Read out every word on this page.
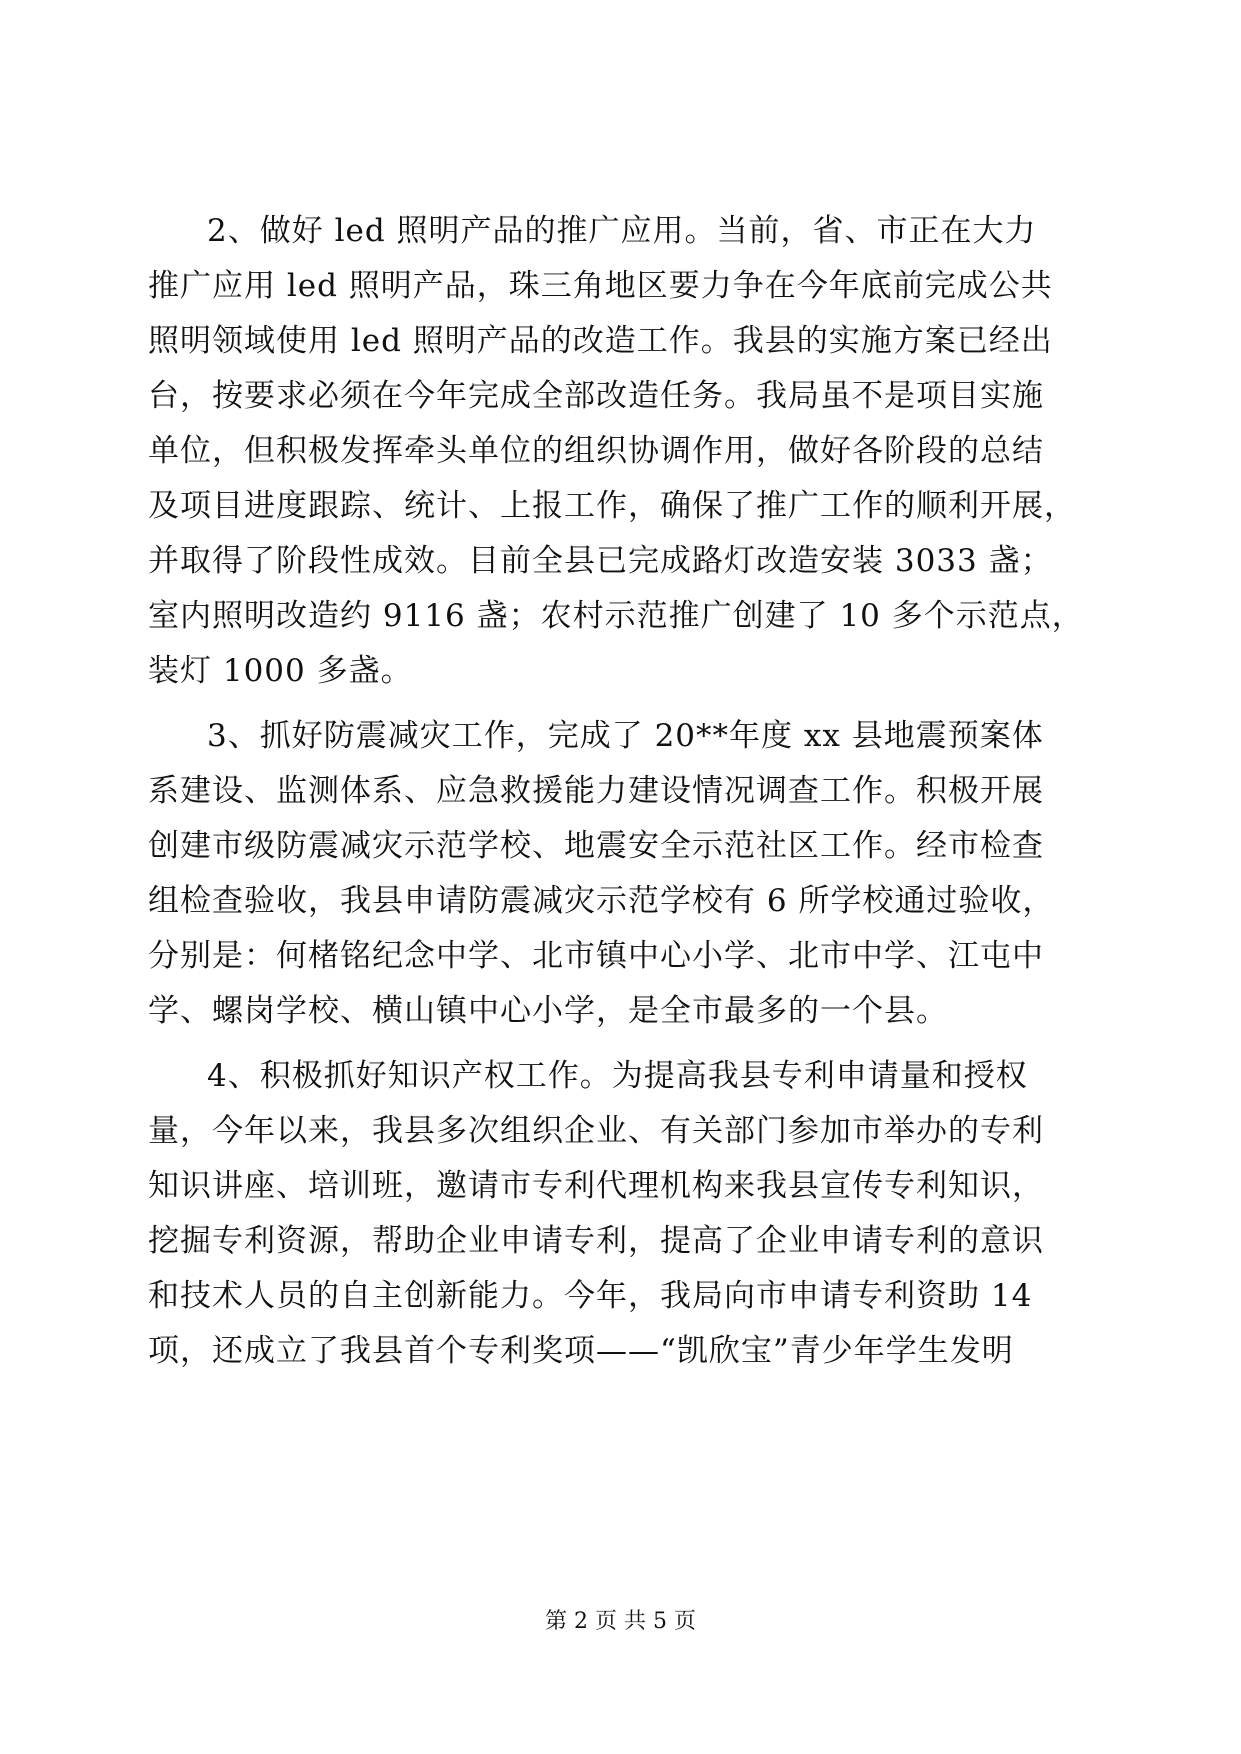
2、做好 led 照明产品的推广应用。当前，省、市正在大力
推广应用 led 照明产品，珠三角地区要力争在今年底前完成公共
照明领域使用 led 照明产品的改造工作。我县的实施方案已经出
台，按要求必须在今年完成全部改造任务。我局虽不是项目实施
单位，但积极发挥牵头单位的组织协调作用，做好各阶段的总结
及项目进度跟踪、统计、上报工作，确保了推广工作的顺利开展，
并取得了阶段性成效。目前全县已完成路灯改造安装 3033 盏；
室内照明改造约 9116 盏；农村示范推广创建了 10 多个示范点，
装灯 1000 多盏。
3、抓好防震减灾工作，完成了 20**年度 xx 县地震预案体
系建设、监测体系、应急救援能力建设情况调查工作。积极开展
创建市级防震减灾示范学校、地震安全示范社区工作。经市检查
组检查验收，我县申请防震减灾示范学校有 6 所学校通过验收，
分别是：何楮铭纪念中学、北市镇中心小学、北市中学、江屯中
学、螺岗学校、横山镇中心小学，是全市最多的一个县。
4、积极抓好知识产权工作。为提高我县专利申请量和授权
量，今年以来，我县多次组织企业、有关部门参加市举办的专利
知识讲座、培训班，邀请市专利代理机构来我县宣传专利知识，
挖掘专利资源，帮助企业申请专利，提高了企业申请专利的意识
和技术人员的自主创新能力。今年，我局向市申请专利资助 14
项，还成立了我县首个专利奖项——“凯欣宝”青少年学生发明
第 2 页 共 5 页
